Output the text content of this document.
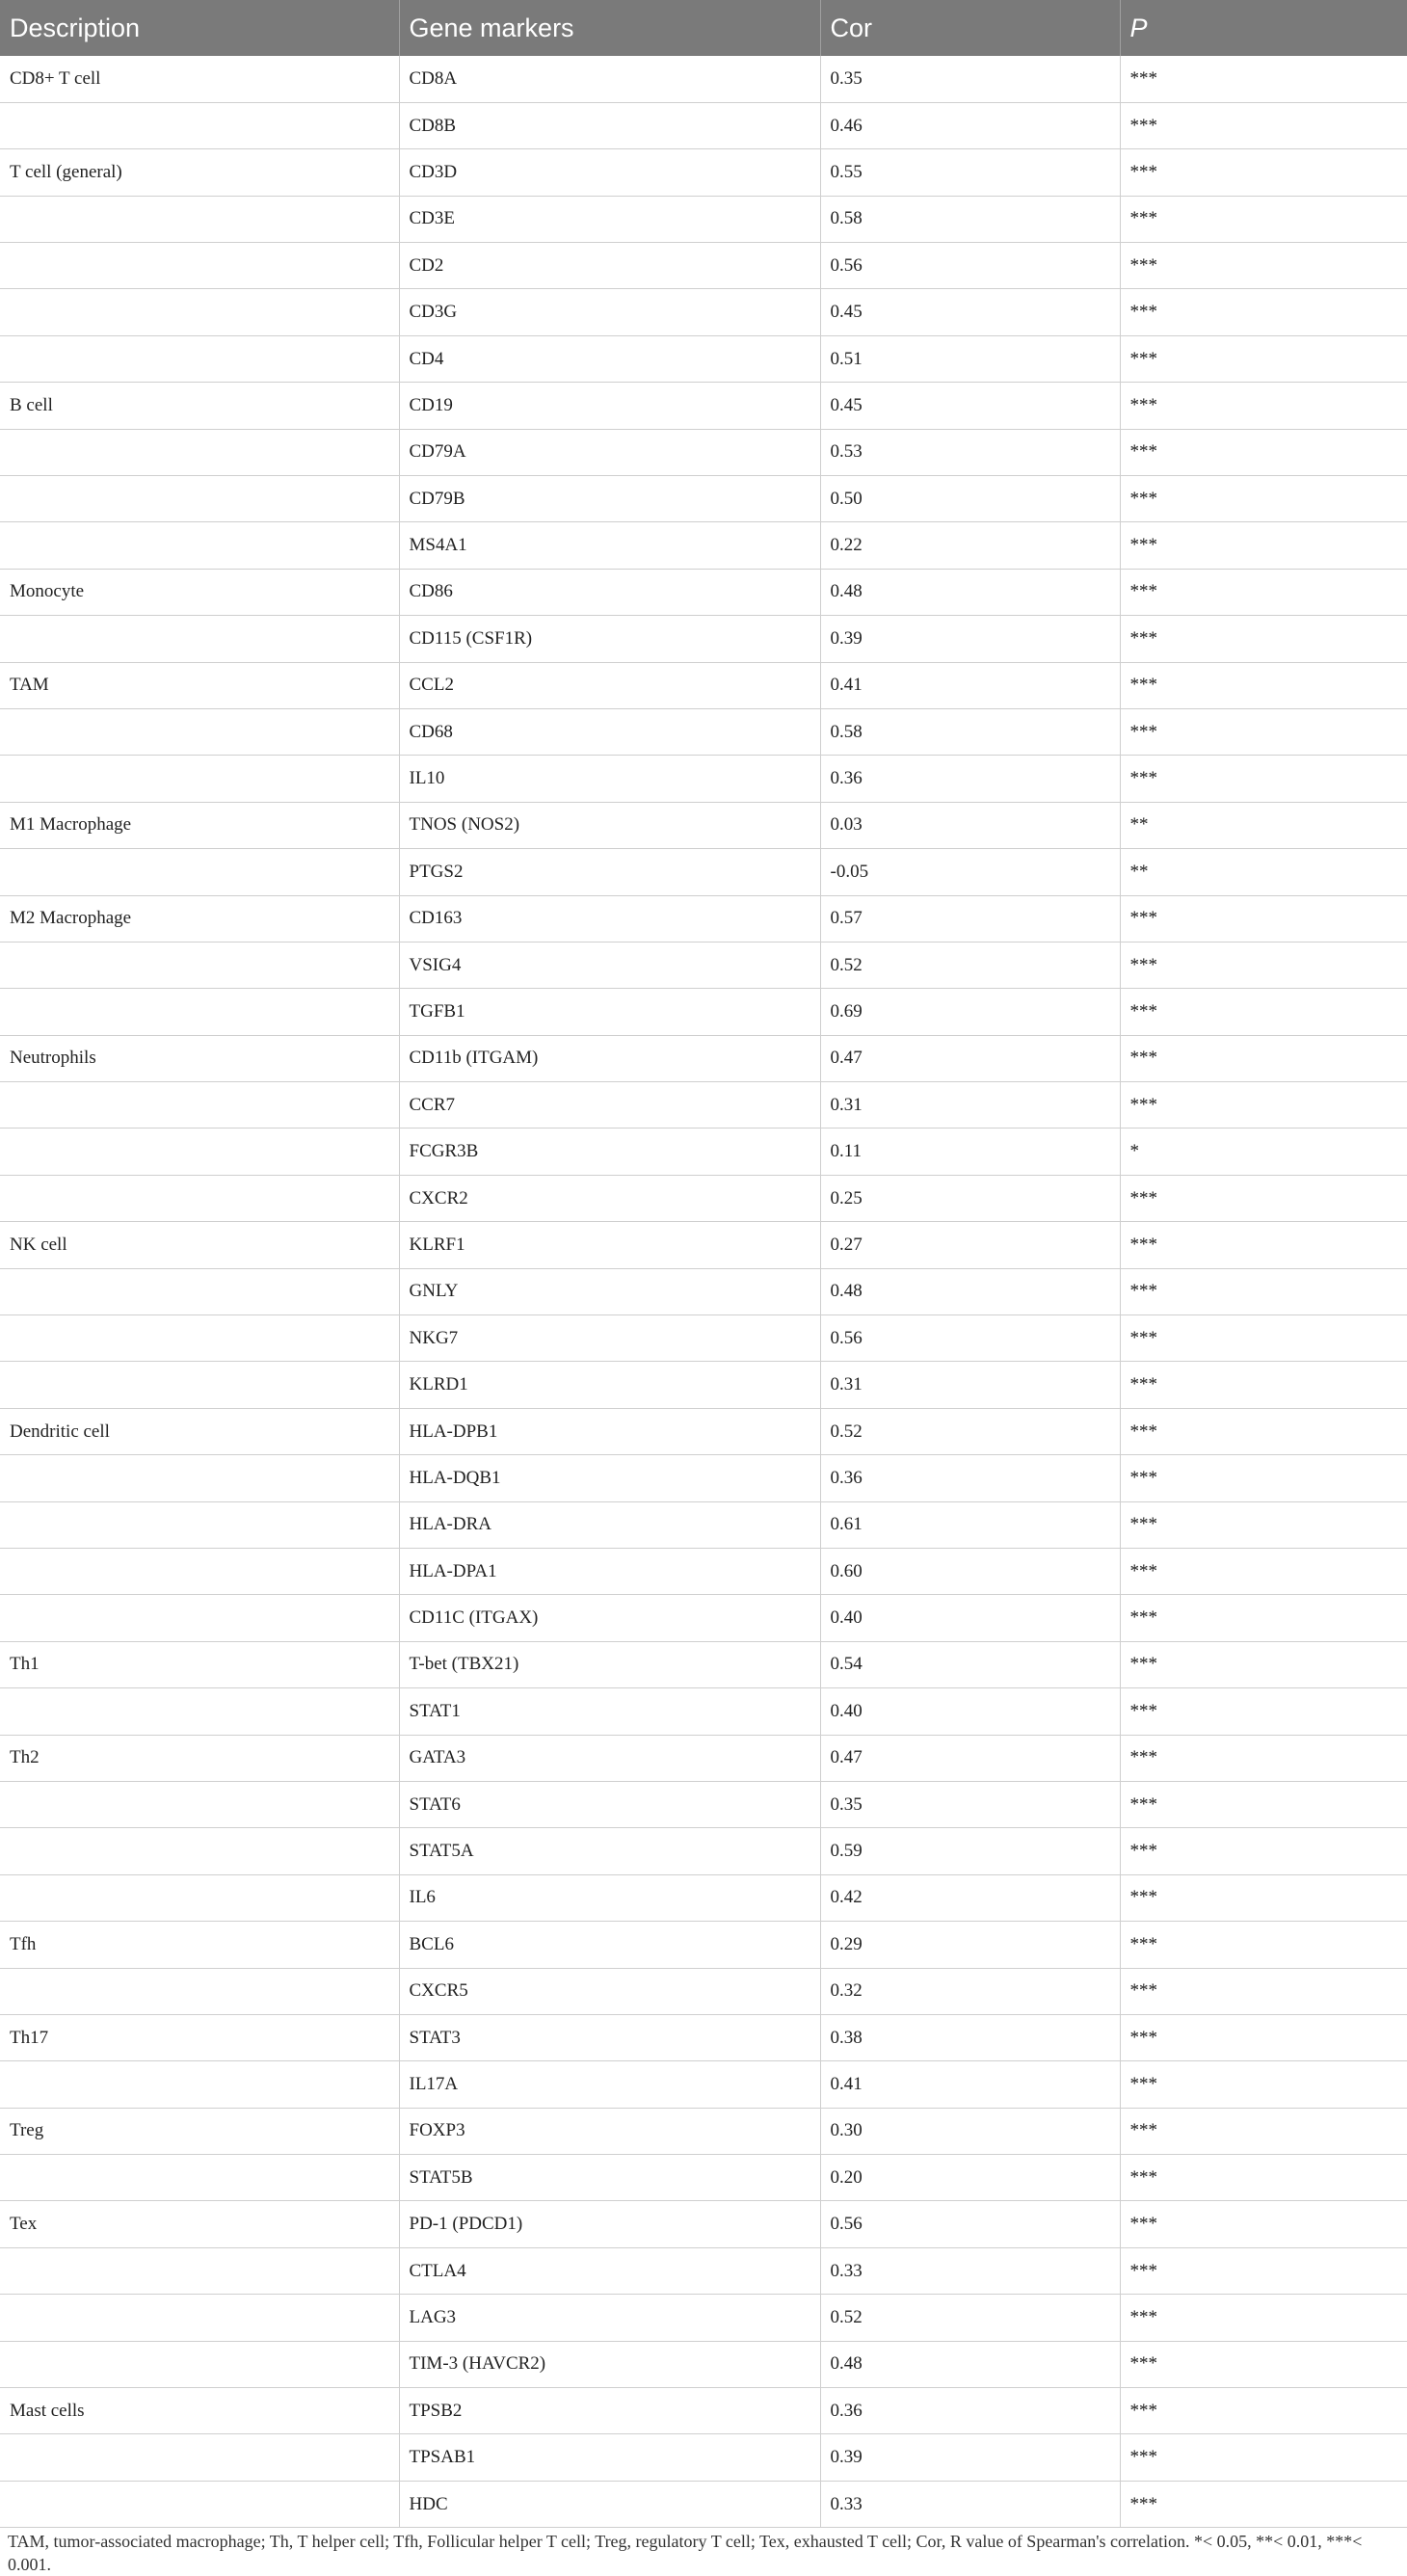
Description	Gene markers	Cor	P
CD8+ T cell	CD8A	0.35	***
	CD8B	0.46	***
T cell (general)	CD3D	0.55	***
	CD3E	0.58	***
	CD2	0.56	***
	CD3G	0.45	***
	CD4	0.51	***
B cell	CD19	0.45	***
	CD79A	0.53	***
	CD79B	0.50	***
	MS4A1	0.22	***
Monocyte	CD86	0.48	***
	CD115 (CSF1R)	0.39	***
TAM	CCL2	0.41	***
	CD68	0.58	***
	IL10	0.36	***
M1 Macrophage	TNOS (NOS2)	0.03	**
	PTGS2	-0.05	**
M2 Macrophage	CD163	0.57	***
	VSIG4	0.52	***
	TGFB1	0.69	***
Neutrophils	CD11b (ITGAM)	0.47	***
	CCR7	0.31	***
	FCGR3B	0.11	*
	CXCR2	0.25	***
NK cell	KLRF1	0.27	***
	GNLY	0.48	***
	NKG7	0.56	***
	KLRD1	0.31	***
Dendritic cell	HLA-DPB1	0.52	***
	HLA-DQB1	0.36	***
	HLA-DRA	0.61	***
	HLA-DPA1	0.60	***
	CD11C (ITGAX)	0.40	***
Th1	T-bet (TBX21)	0.54	***
	STAT1	0.40	***
Th2	GATA3	0.47	***
	STAT6	0.35	***
	STAT5A	0.59	***
	IL6	0.42	***
Tfh	BCL6	0.29	***
	CXCR5	0.32	***
Th17	STAT3	0.38	***
	IL17A	0.41	***
Treg	FOXP3	0.30	***
	STAT5B	0.20	***
Tex	PD-1 (PDCD1)	0.56	***
	CTLA4	0.33	***
	LAG3	0.52	***
	TIM-3 (HAVCR2)	0.48	***
Mast cells	TPSB2	0.36	***
	TPSAB1	0.39	***
	HDC	0.33	***
TAM, tumor-associated macrophage; Th, T helper cell; Tfh, Follicular helper T cell; Treg, regulatory T cell; Tex, exhausted T cell; Cor, R value of Spearman's correlation. *< 0.05, **< 0.01, ***< 0.001.
